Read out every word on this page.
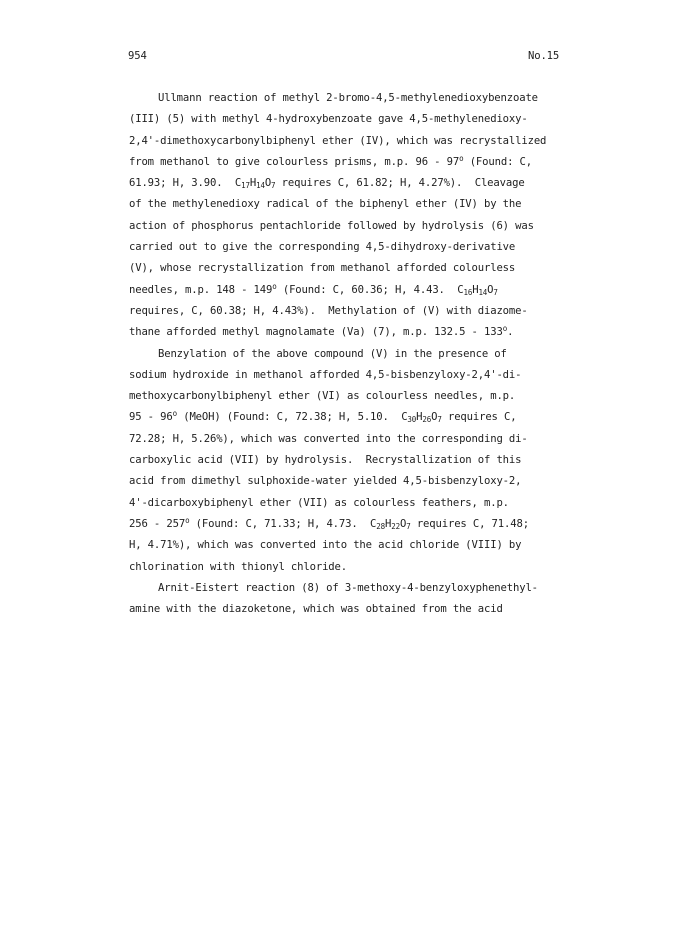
954	No.15
Ullmann reaction of methyl 2-bromo-4,5-methylenedioxybenzoate
(III) (5) with methyl 4-hydroxybenzoate gave 4,5-methylenedioxy-
2,4'-dimethoxycarbonylbiphenyl ether (IV), which was recrystallized
from methanol to give colourless prisms, m.p. 96 - 97$^o$ (Found: C,
61.93; H, 3.90.  $C_{17}H_{14}O_7$ requires C, 61.82; H, 4.27%).  Cleavage
of the methylenedioxy radical of the biphenyl ether (IV) by the
action of phosphorus pentachloride followed by hydrolysis (6) was
carried out to give the corresponding 4,5-dihydroxy-derivative
(V), whose recrystallization from methanol afforded colourless
needles, m.p. 148 - 149$^o$ (Found: C, 60.36; H, 4.43.  $C_{16}H_{14}O_7$
requires, C, 60.38; H, 4.43%).  Methylation of (V) with diazome-
thane afforded methyl magnolamate (Va) (7), m.p. 132.5 - 133$^o$.
Benzylation of the above compound (V) in the presence of
sodium hydroxide in methanol afforded 4,5-bisbenzyloxy-2,4'-di-
methoxycarbonylbiphenyl ether (VI) as colourless needles, m.p.
95 - 96$^o$ (MeOH) (Found: C, 72.38; H, 5.10.  $C_{30}H_{26}O_7$ requires C,
72.28; H, 5.26%), which was converted into the corresponding di-
carboxylic acid (VII) by hydrolysis.  Recrystallization of this
acid from dimethyl sulphoxide-water yielded 4,5-bisbenzyloxy-2,
4'-dicarboxybiphenyl ether (VII) as colourless feathers, m.p.
256 - 257$^o$ (Found: C, 71.33; H, 4.73.  $C_{28}H_{22}O_7$ requires C, 71.48;
H, 4.71%), which was converted into the acid chloride (VIII) by
chlorination with thionyl chloride.
Arnit-Eistert reaction (8) of 3-methoxy-4-benzyloxyphenethyl-
amine with the diazoketone, which was obtained from the acid
